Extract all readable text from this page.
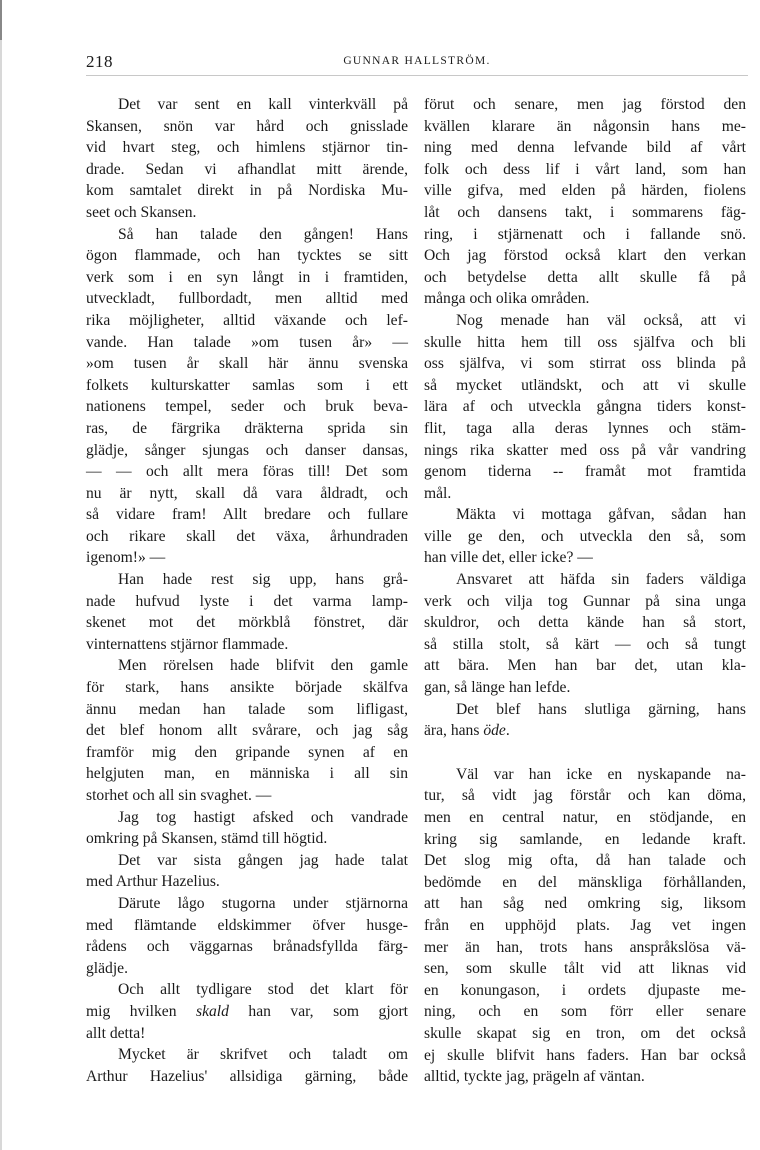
218	GUNNAR HALLSTRÖM.

Det var sent en kall vinterkväll på
Skansen, snön var hård och gnisslade
vid hvart steg, och himlens stjärnor tin-
drade. Sedan vi afhandlat mitt ärende,
kom samtalet direkt in på Nordiska Mu-
seet och Skansen.

Så han talade den gången! Hans
ögon flammade, och han tycktes se sitt
verk som i en syn långt in i framtiden,
utveckladt, fullbordadt, men alltid med
rika möjligheter, alltid växande och lef-
vande. Han talade »om tusen år» —
»om tusen år skall här ännu svenska
folkets kulturskatter samlas som i ett
nationens tempel, seder och bruk beva-
ras, de färgrika dräkterna sprida sin
glädje, sånger sjungas och danser dansas,
— — och allt mera föras till! Det som
nu är nytt, skall då vara åldradt, och
så vidare fram! Allt bredare och fullare
och rikare skall det växa, århundraden
igenom!» —

Han hade rest sig upp, hans grå-
nade hufvud lyste i det varma lamp-
skenet mot det mörkblå fönstret, där
vinternattens stjärnor flammade.

Men rörelsen hade blifvit den gamle
för stark, hans ansikte började skälfva
ännu medan han talade som lifligast,
det blef honom allt svårare, och jag såg
framför mig den gripande synen af en
helgjuten man, en människa i all sin
storhet och all sin svaghet. —

Jag tog hastigt afsked och vandrade
omkring på Skansen, stämd till högtid.

Det var sista gången jag hade talat
med Arthur Hazelius.

Därute lågo stugorna under stjärnorna
med flämtande eldskimmer öfver husge-
rådens och väggarnas brånadsfyllda färg-
glädje.

Och allt tydligare stod det klart för
mig hvilken skald han var, som gjort
allt detta!

Mycket är skrifvet och taladt om
Arthur Hazelius' allsidiga gärning, både

förut och senare, men jag förstod den
kvällen klarare än någonsin hans me-
ning med denna lefvande bild af vårt
folk och dess lif i vårt land, som han
ville gifva, med elden på härden, fiolens
låt och dansens takt, i sommarens fäg-
ring, i stjärnenatt och i fallande snö.
Och jag förstod också klart den verkan
och betydelse detta allt skulle få på
många och olika områden.

Nog menade han väl också, att vi
skulle hitta hem till oss själfva och bli
oss själfva, vi som stirrat oss blinda på
så mycket utländskt, och att vi skulle
lära af och utveckla gångna tiders konst-
flit, taga alla deras lynnes och stäm-
nings rika skatter med oss på vår vandring
genom tiderna -- framåt mot framtida
mål.

Mäkta vi mottaga gåfvan, sådan han
ville ge den, och utveckla den så, som
han ville det, eller icke? —

Ansvaret att häfda sin faders väldiga
verk och vilja tog Gunnar på sina unga
skuldror, och detta kände han så stort,
så stilla stolt, så kärt — och så tungt
att bära. Men han bar det, utan kla-
gan, så länge han lefde.

Det blef hans slutliga gärning, hans
ära, hans öde.

Väl var han icke en nyskapande na-
tur, så vidt jag förstår och kan döma,
men en central natur, en stödjande, en
kring sig samlande, en ledande kraft.
Det slog mig ofta, då han talade och
bedömde en del mänskliga förhållanden,
att han såg ned omkring sig, liksom
från en upphöjd plats. Jag vet ingen
mer än han, trots hans anspråkslösa vä-
sen, som skulle tålt vid att liknas vid
en konungason, i ordets djupaste me-
ning, och en som förr eller senare
skulle skapat sig en tron, om det också
ej skulle blifvit hans faders. Han bar också
alltid, tyckte jag, prägeln af väntan.
